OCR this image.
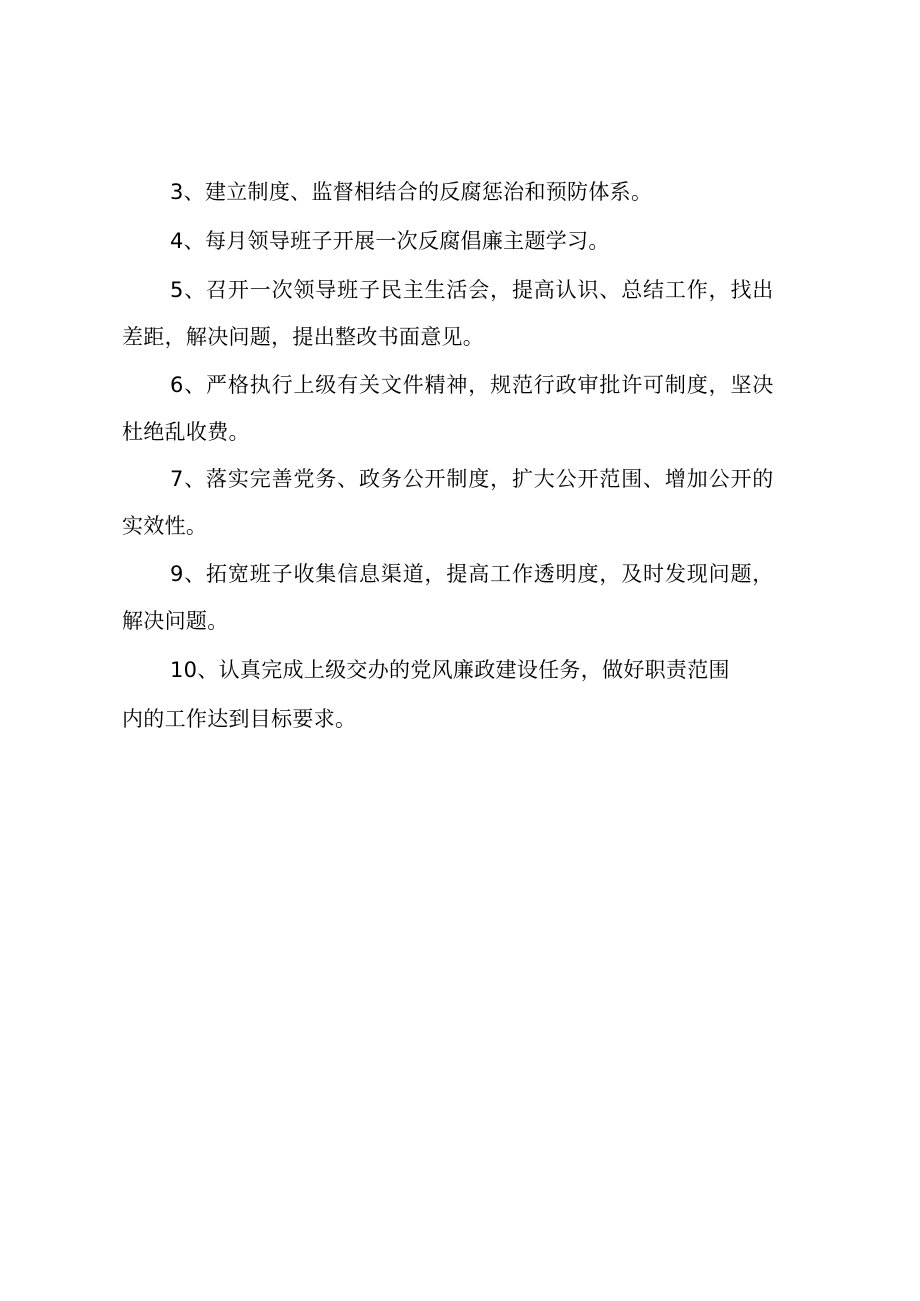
3、建立制度、监督相结合的反腐惩治和预防体系。
4、每月领导班子开展一次反腐倡廉主题学习。
5、召开一次领导班子民主生活会，提高认识、总结工作，找出
差距，解决问题，提出整改书面意见。
6、严格执行上级有关文件精神，规范行政审批许可制度，坚决
杜绝乱收费。
7、落实完善党务、政务公开制度，扩大公开范围、增加公开的
实效性。
9、拓宽班子收集信息渠道，提高工作透明度，及时发现问题，
解决问题。
10、认真完成上级交办的党风廉政建设任务，做好职责范围
内的工作达到目标要求。
